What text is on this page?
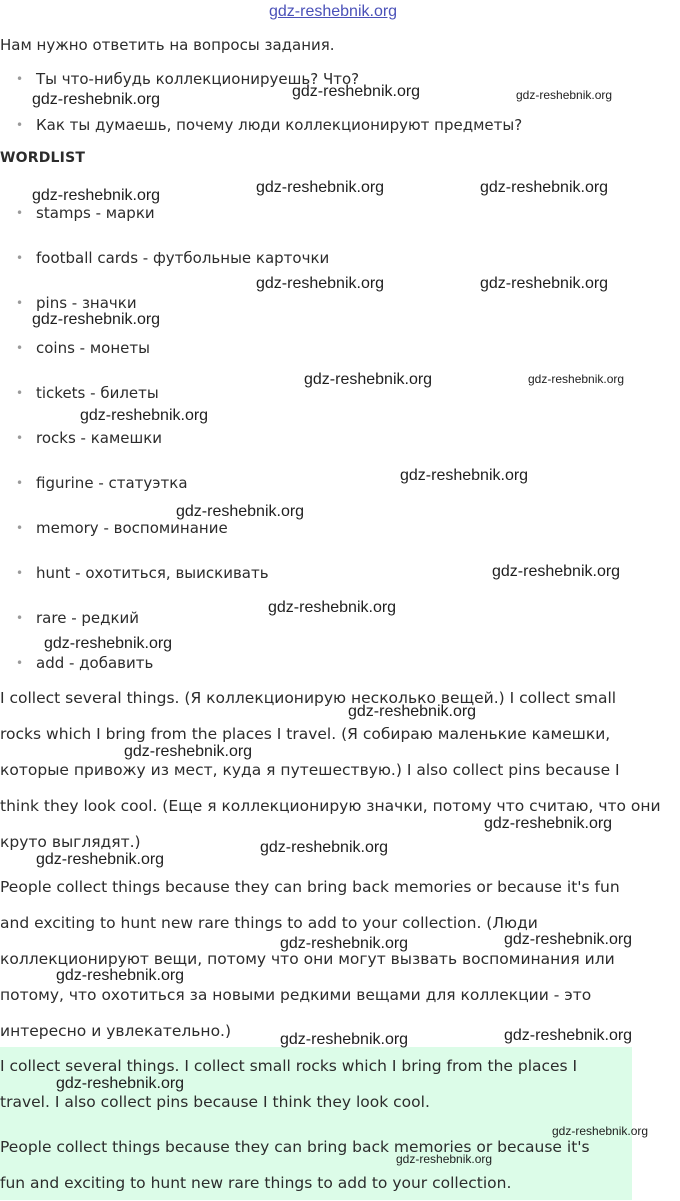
gdz-reshebnik.org
Нам нужно ответить на вопросы задания.
• Ты что-нибудь коллекционируешь? Что?
• Как ты думаешь, почему люди коллекционируют предметы?
WORDLIST
• stamps - марки
• football cards - футбольные карточки
• pins - значки
• coins - монеты
• tickets - билеты
• rocks - камешки
• figurine - статуэтка
• memory - воспоминание
• hunt - охотиться, выискивать
• rare - редкий
• add - добавить
I collect several things. (Я коллекционирую несколько вещей.) I collect small
rocks which I bring from the places I travel. (Я собираю маленькие камешки,
которые привожу из мест, куда я путешествую.) I also collect pins because I
think they look cool. (Еще я коллекционирую значки, потому что считаю, что они
круто выглядят.)
People collect things because they can bring back memories or because it's fun
and exciting to hunt new rare things to add to your collection. (Люди
коллекционируют вещи, потому что они могут вызвать воспоминания или
потому, что охотиться за новыми редкими вещами для коллекции - это
интересно и увлекательно.)
I collect several things. I collect small rocks which I bring from the places I
travel. I also collect pins because I think they look cool.
People collect things because they can bring back memories or because it's
fun and exciting to hunt new rare things to add to your collection.
gdz-reshebnik.org	gdz-reshebnik.org	gdz-reshebnik.org
gdz-reshebnik.org	gdz-reshebnik.org	gdz-reshebnik.org
gdz-reshebnik.org	gdz-reshebnik.org
gdz-reshebnik.org
gdz-reshebnik.org	gdz-reshebnik.org
gdz-reshebnik.org
gdz-reshebnik.org
gdz-reshebnik.org
gdz-reshebnik.org
gdz-reshebnik.org
gdz-reshebnik.org
gdz-reshebnik.org
gdz-reshebnik.org
gdz-reshebnik.org
gdz-reshebnik.org
gdz-reshebnik.org
gdz-reshebnik.org
gdz-reshebnik.org
gdz-reshebnik.org
gdz-reshebnik.org
gdz-reshebnik.org
gdz-reshebnik.org
gdz-reshebnik.org
gdz-reshebnik.org
